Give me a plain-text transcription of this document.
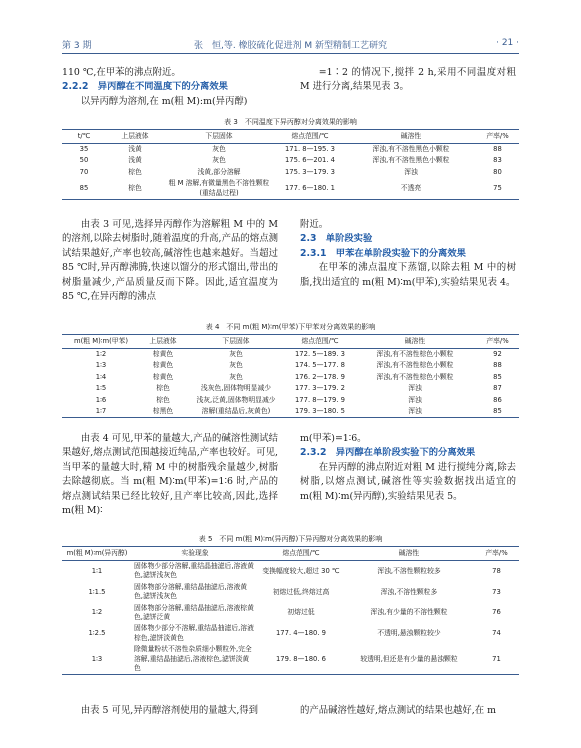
第 3 期	张　恒,等. 橡胶硫化促进剂 M 新型精制工艺研究	· 21 ·

110 ℃,在甲苯的沸点附近。

2.2.2　异丙醇在不同温度下的分离效果

以异丙醇为溶剂,在 m(粗 M):m(异丙醇)

=1∶2 的情况下,搅拌 2 h,采用不同温度对粗 M 进行分离,结果见表 3。

表 3　不同温度下异丙醇对分离效果的影响
t/℃	上层液体	下层固体	熔点范围/℃	碱溶性	产率/%
35	浅黄	灰色	171. 8—195. 3	浑浊,有不溶性黑色小颗粒	88
50	浅黄	灰色	175. 6—201. 4	浑浊,有不溶性黑色小颗粒	83
70	棕色	浅黄,部分溶解	175. 3—179. 3	浑浊	80
85	棕色	粗 M 溶解,有微量黑色不溶性颗粒(重结晶过程)	177. 6—180. 1	不透亮	75

由表 3 可见,选择异丙醇作为溶解粗 M 中的 M 的溶剂,以除去树脂时,随着温度的升高,产品的熔点测试结果越好,产率也较高,碱溶性也越来越好。当超过 85 ℃时,异丙醇沸腾,快速以馏分的形式馏出,带出的树脂量减少,产品质量反而下降。因此,适宜温度为 85 ℃,在异丙醇的沸点

附近。

2.3　单阶段实验

2.3.1　甲苯在单阶段实验下的分离效果

在甲苯的沸点温度下蒸馏,以除去粗 M 中的树脂,找出适宜的 m(粗 M)∶m(甲苯),实验结果见表 4。

表 4　不同 m(粗 M)∶m(甲苯)下甲苯对分离效果的影响
m(粗 M)∶m(甲苯)	上层液体	下层固体	熔点范围/℃	碱溶性	产率/%
1∶2	棕黄色	灰色	172. 5—189. 3	浑浊,有不溶性棕色小颗粒	92
1∶3	棕黄色	灰色	174. 5—177. 8	浑浊,有不溶性棕色小颗粒	88
1∶4	棕黄色	灰色	176. 2—178. 9	浑浊,有不溶性棕色小颗粒	85
1∶5	棕色	浅灰色,固体物明显减少	177. 3—179. 2	浑浊	87
1∶6	棕色	浅灰,泛黄,固体物明显减少	177. 8—179. 9	浑浊	86
1∶7	棕黑色	溶解(重结晶后,灰黄色)	179. 3—180. 5	浑浊	85

由表 4 可见,甲苯的量越大,产品的碱溶性测试结果越好,熔点测试范围越接近纯品,产率也较好。可见,当甲苯的量越大时,精 M 中的树脂残余量越少,树脂去除越彻底。当 m(粗 M)∶m(甲苯)=1∶6 时,产品的熔点测试结果已经比较好,且产率比较高,因此,选择 m(粗 M)∶

m(甲苯)=1∶6。

2.3.2　异丙醇在单阶段实验下的分离效果

在异丙醇的沸点附近对粗 M 进行搅纯分离,除去树脂,以熔点测试,碱溶性等实验数据找出适宜的 m(粗 M)∶m(异丙醇),实验结果见表 5。

表 5　不同 m(粗 M)∶m(异丙醇)下异丙醇对分离效果的影响
m(粗 M)∶m(异丙醇)	实验现象	熔点范围/℃	碱溶性	产率/%
1∶1	固体物少部分溶解,重结晶抽滤后,溶液黄色,滤饼浅灰色	变换幅度较大,超过 30 ℃	浑浊,不溶性颗粒较多	78
1∶1.5	固体物部分溶解,重结晶抽滤后,溶液黄色,滤饼浅灰色	初熔过低,终熔过高	浑浊,不溶性颗粒多	73
1∶2	固体物部分溶解,重结晶抽滤后,溶液棕黄色,滤饼泛黄	初熔过低	浑浊,有少量的不溶性颗粒	76
1∶2.5	固体物少部分不溶解,重结晶抽滤后,溶液棕色,滤饼淡黄色	177. 4—180. 9	不透明,悬浊颗粒较少	74
1∶3	除微量粉状不溶性杂质细小颗粒外,完全溶解,重结晶抽滤后,溶液棕色,滤饼淡黄色	179. 8—180. 6	较透明,但还是有少量的悬浊颗粒	71

由表 5 可见,异丙醇溶剂使用的量越大,得到	的产品碱溶性越好,熔点测试的结果也越好,在 m
